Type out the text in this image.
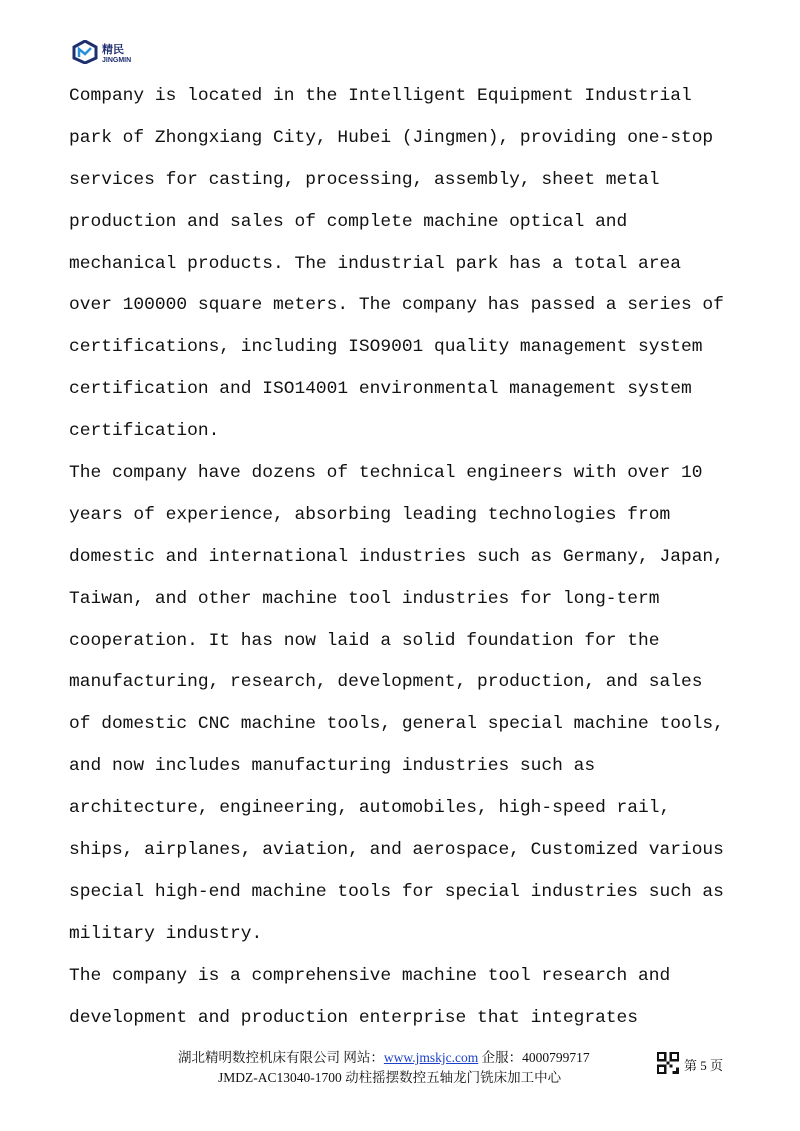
精民
JINGMIN
Company is located in the Intelligent Equipment Industrial
park of Zhongxiang City, Hubei (Jingmen), providing one-stop
services for casting, processing, assembly, sheet metal
production and sales of complete machine optical and
mechanical products. The industrial park has a total area
over 100000 square meters. The company has passed a series of
certifications, including ISO9001 quality management system
certification and ISO14001 environmental management system
certification.
The company have dozens of technical engineers with over 10
years of experience, absorbing leading technologies from
domestic and international industries such as Germany, Japan,
Taiwan, and other machine tool industries for long-term
cooperation. It has now laid a solid foundation for the
manufacturing, research, development, production, and sales
of domestic CNC machine tools, general special machine tools,
and now includes manufacturing industries such as
architecture, engineering, automobiles, high-speed rail,
ships, airplanes, aviation, and aerospace, Customized various
special high-end machine tools for special industries such as
military industry.
The company is a comprehensive machine tool research and
development and production enterprise that integrates
湖北精明数控机床有限公司 网站：www.jmskjc.com 企服：4000799717
JMDZ-AC13040-1700 动柱摇摆数控五轴龙门铣床加工中心
第 5 页
